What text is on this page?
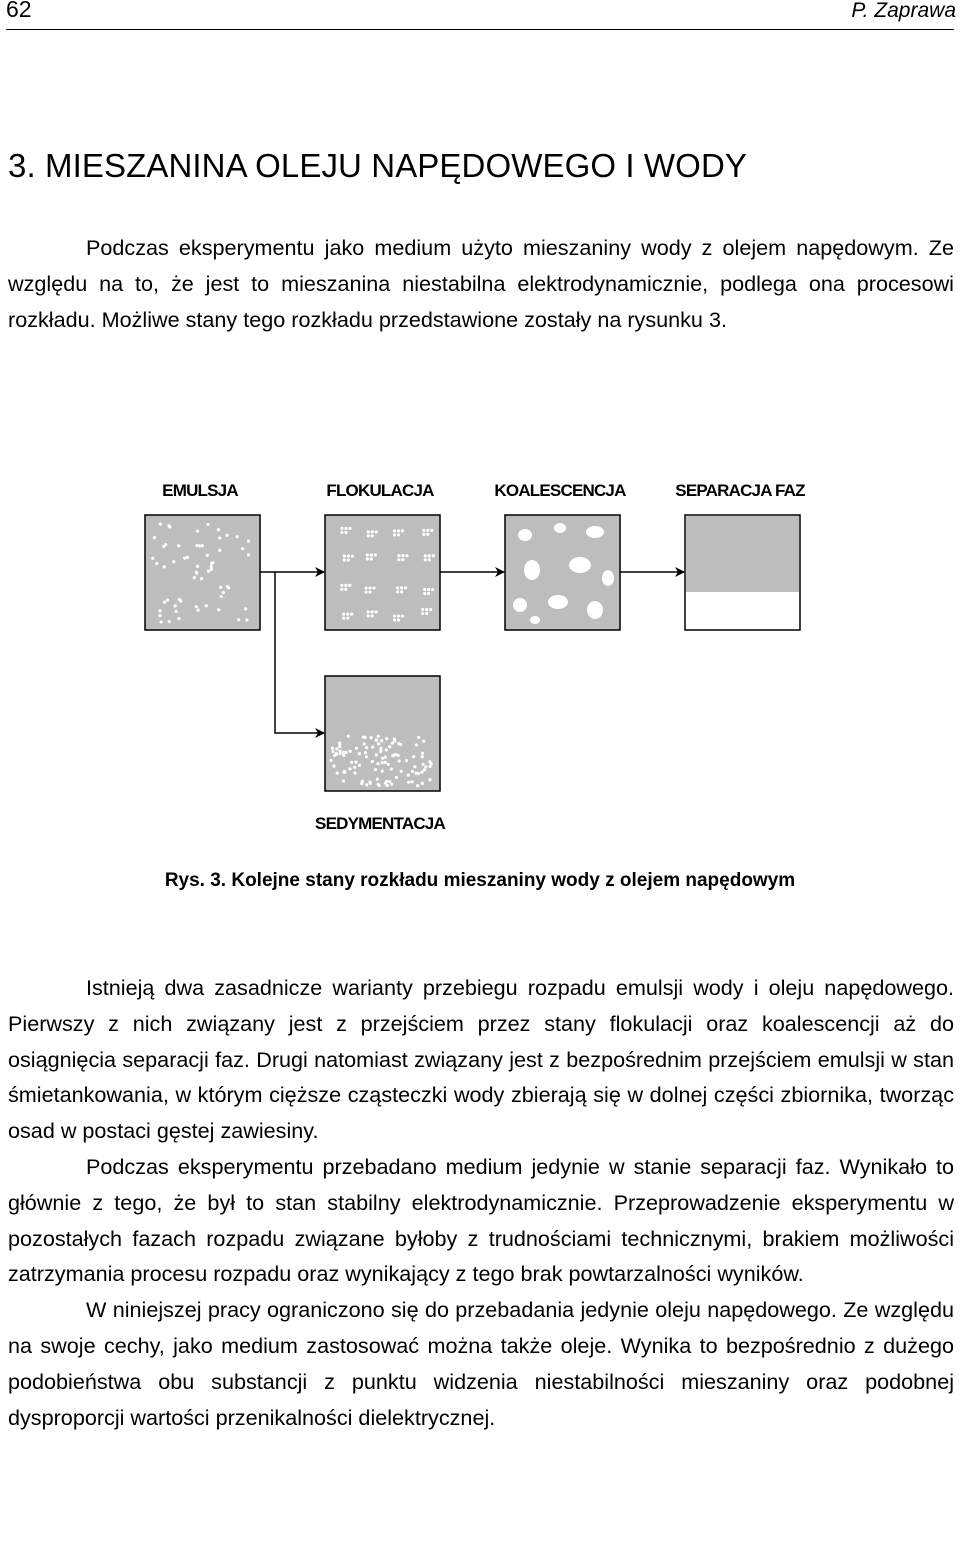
62	P. Zaprawa
3. MIESZANINA OLEJU NAPĘDOWEGO I WODY

Podczas eksperymentu jako medium użyto mieszaniny wody z olejem napędowym. Ze względu na to, że jest to mieszanina niestabilna elektrodynamicznie, podlega ona procesowi rozkładu. Możliwe stany tego rozkładu przedstawione zostały na rysunku 3.

EMULSJA	FLOKULACJA	KOALESCENCJA	SEPARACJA FAZ
SEDYMENTACJA
Rys. 3. Kolejne stany rozkładu mieszaniny wody z olejem napędowym

Istnieją dwa zasadnicze warianty przebiegu rozpadu emulsji wody i oleju napędowego. Pierwszy z nich związany jest z przejściem przez stany flokulacji oraz koalescencji aż do osiągnięcia separacji faz. Drugi natomiast związany jest z bezpośrednim przejściem emulsji w stan śmietankowania, w którym cięższe cząsteczki wody zbierają się w dolnej części zbiornika, tworząc osad w postaci gęstej zawiesiny.

Podczas eksperymentu przebadano medium jedynie w stanie separacji faz. Wynikało to głównie z tego, że był to stan stabilny elektrodynamicznie. Przeprowadzenie eksperymentu w pozostałych fazach rozpadu związane byłoby z trudnościami technicznymi, brakiem możliwości zatrzymania procesu rozpadu oraz wynikający z tego brak powtarzalności wyników.

W niniejszej pracy ograniczono się do przebadania jedynie oleju napędowego. Ze względu na swoje cechy, jako medium zastosować można także oleje. Wynika to bezpośrednio z dużego podobieństwa obu substancji z punktu widzenia niestabilności mieszaniny oraz podobnej dysproporcji wartości przenikalności dielektrycznej.
